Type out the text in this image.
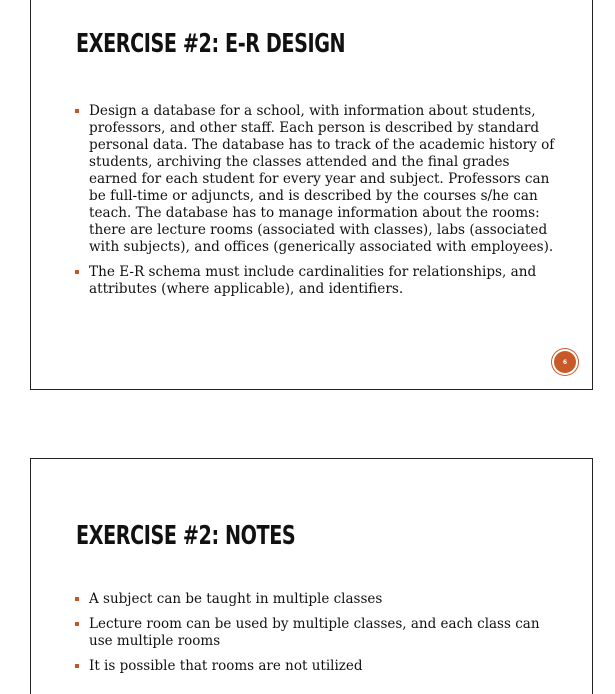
EXERCISE #2: E-R DESIGN
Design a database for a school, with information about students, professors, and other staff. Each person is described by standard personal data. The database has to track of the academic history of students, archiving the classes attended and the final grades earned for each student for every year and subject. Professors can be full-time or adjuncts, and is described by the courses s/he can teach. The database has to manage information about the rooms: there are lecture rooms (associated with classes), labs (associated with subjects), and offices (generically associated with employees).
The E-R schema must include cardinalities for relationships, and attributes (where applicable), and identifiers.
6
EXERCISE #2: NOTES
A subject can be taught in multiple classes
Lecture room can be used by multiple classes, and each class can use multiple rooms
It is possible that rooms are not utilized
